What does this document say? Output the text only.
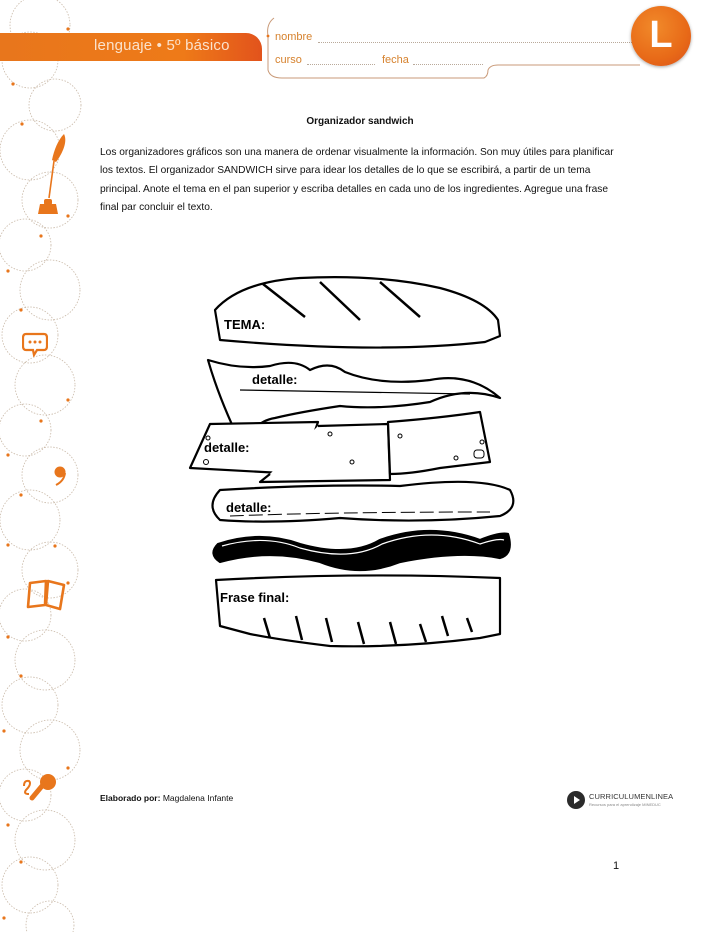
lenguaje • 5º básico	nombre
curso	fecha
L
Organizador sandwich
Los organizadores gráficos son una manera de ordenar visualmente la información. Son muy útiles para planificar los textos. El organizador SANDWICH sirve para idear los detalles de lo que se escribirá, a partir de un tema principal. Anote el tema en el pan superior y escriba detalles en cada uno de los ingredientes. Agregue una frase final par concluir el texto.
TEMA:
detalle:
detalle:
detalle:
Frase final:
Elaborado por: Magdalena Infante	CURRICULUMENLINEA
Recursos para el aprendizaje MINEDUC
1
